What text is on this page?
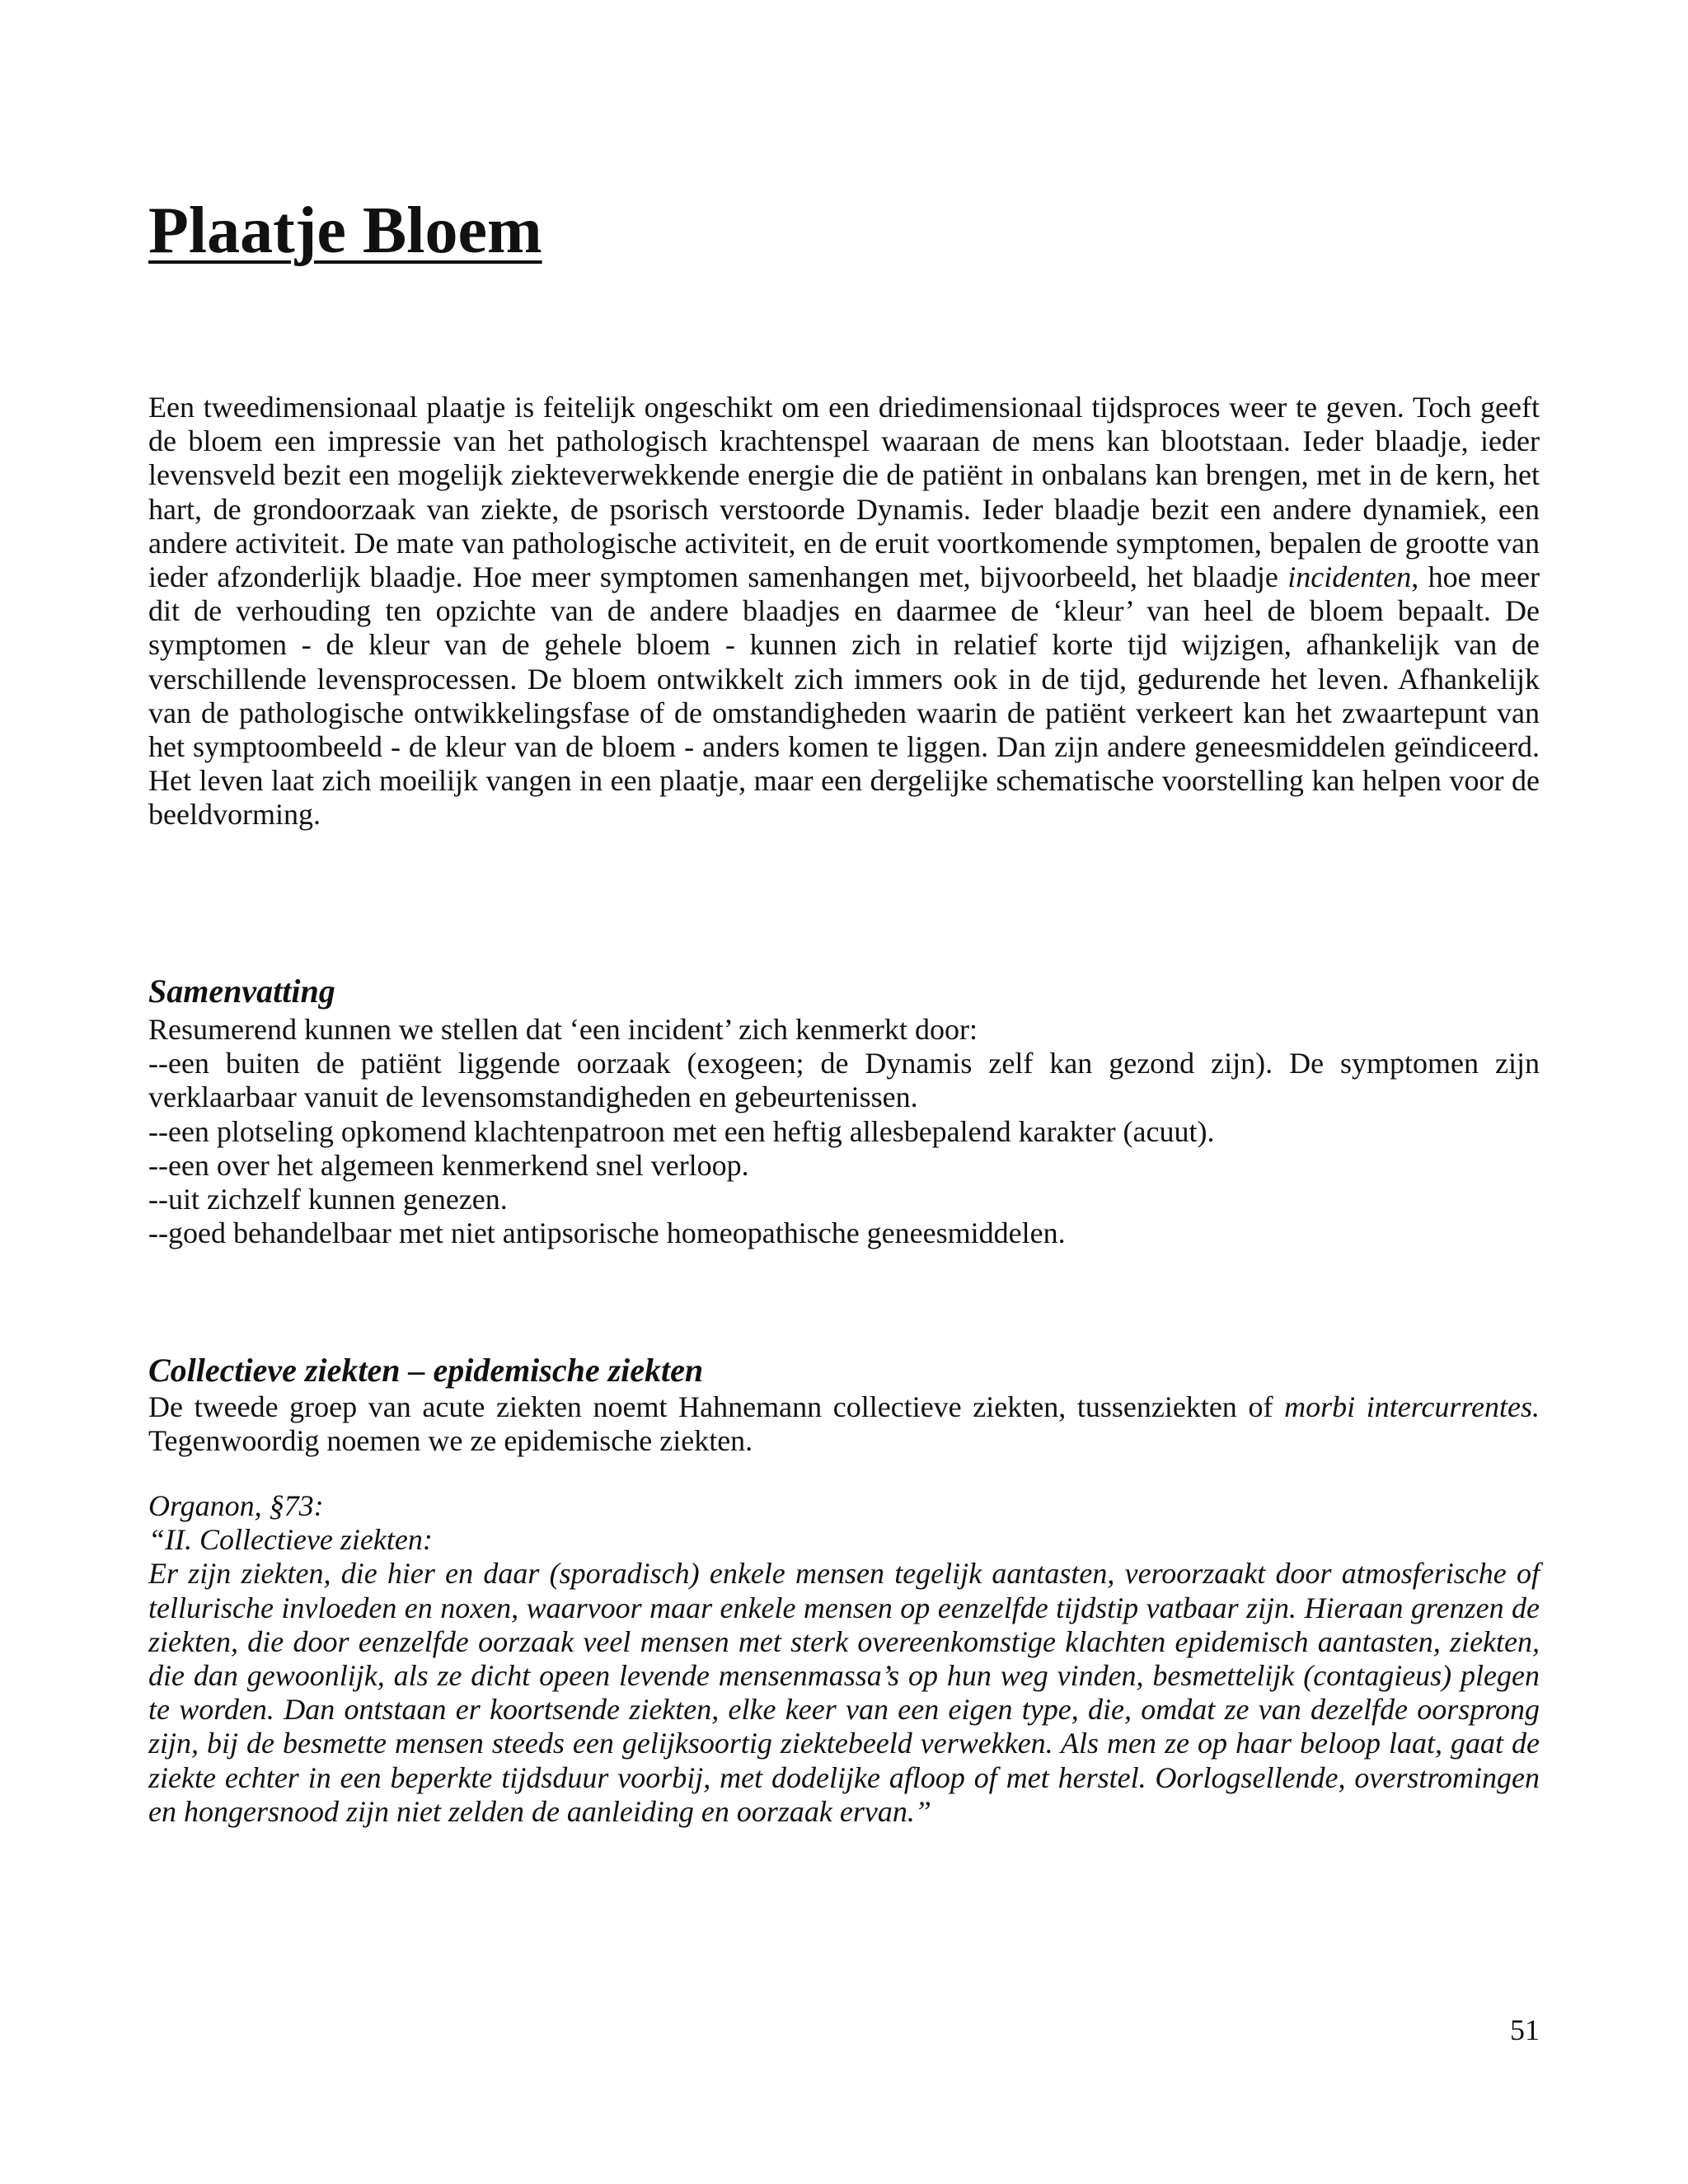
Plaatje Bloem

Een tweedimensionaal plaatje is feitelijk ongeschikt om een driedimensionaal tijdsproces weer te geven. Toch geeft de bloem een impressie van het pathologisch krachtenspel waaraan de mens kan blootstaan. Ieder blaadje, ieder levensveld bezit een mogelijk ziekteverwekkende energie die de patiënt in onbalans kan brengen, met in de kern, het hart, de grondoorzaak van ziekte, de psorisch verstoorde Dynamis. Ieder blaadje bezit een andere dynamiek, een andere activiteit. De mate van pathologische activiteit, en de eruit voortkomende symptomen, bepalen de grootte van ieder afzonderlijk blaadje. Hoe meer symptomen samenhangen met, bijvoorbeeld, het blaadje incidenten, hoe meer dit de verhouding ten opzichte van de andere blaadjes en daarmee de ‘kleur’ van heel de bloem bepaalt. De symptomen - de kleur van de gehele bloem - kunnen zich in relatief korte tijd wijzigen, afhankelijk van de verschillende levensprocessen. De bloem ontwikkelt zich immers ook in de tijd, gedurende het leven. Afhankelijk van de pathologische ontwikkelingsfase of de omstandigheden waarin de patiënt verkeert kan het zwaartepunt van het symptoombeeld - de kleur van de bloem - anders komen te liggen. Dan zijn andere geneesmiddelen geïndiceerd. Het leven laat zich moeilijk vangen in een plaatje, maar een dergelijke schematische voorstelling kan helpen voor de beeldvorming.

Samenvatting
Resumerend kunnen we stellen dat ‘een incident’ zich kenmerkt door:
--een buiten de patiënt liggende oorzaak (exogeen; de Dynamis zelf kan gezond zijn). De symptomen zijn verklaarbaar vanuit de levensomstandigheden en gebeurtenissen.
--een plotseling opkomend klachtenpatroon met een heftig allesbepalend karakter (acuut).
--een over het algemeen kenmerkend snel verloop.
--uit zichzelf kunnen genezen.
--goed behandelbaar met niet antipsorische homeopathische geneesmiddelen.
Collectieve ziekten – epidemische ziekten

De tweede groep van acute ziekten noemt Hahnemann collectieve ziekten, tussenziekten of morbi intercurrentes. Tegenwoordig noemen we ze epidemische ziekten.

Organon, §73:
“II. Collectieve ziekten:
Er zijn ziekten, die hier en daar (sporadisch) enkele mensen tegelijk aantasten, veroorzaakt door atmosferische of tellurische invloeden en noxen, waarvoor maar enkele mensen op eenzelfde tijdstip vatbaar zijn. Hieraan grenzen de ziekten, die door eenzelfde oorzaak veel mensen met sterk overeenkomstige klachten epidemisch aantasten, ziekten, die dan gewoonlijk, als ze dicht opeen levende mensenmassa’s op hun weg vinden, besmettelijk (contagieus) plegen te worden. Dan ontstaan er koortsende ziekten, elke keer van een eigen type, die, omdat ze van dezelfde oorsprong zijn, bij de besmette mensen steeds een gelijksoortig ziektebeeld verwekken. Als men ze op haar beloop laat, gaat de ziekte echter in een beperkte tijdsduur voorbij, met dodelijke afloop of met herstel. Oorlogsellende, overstromingen en hongersnood zijn niet zelden de aanleiding en oorzaak ervan.”

51
